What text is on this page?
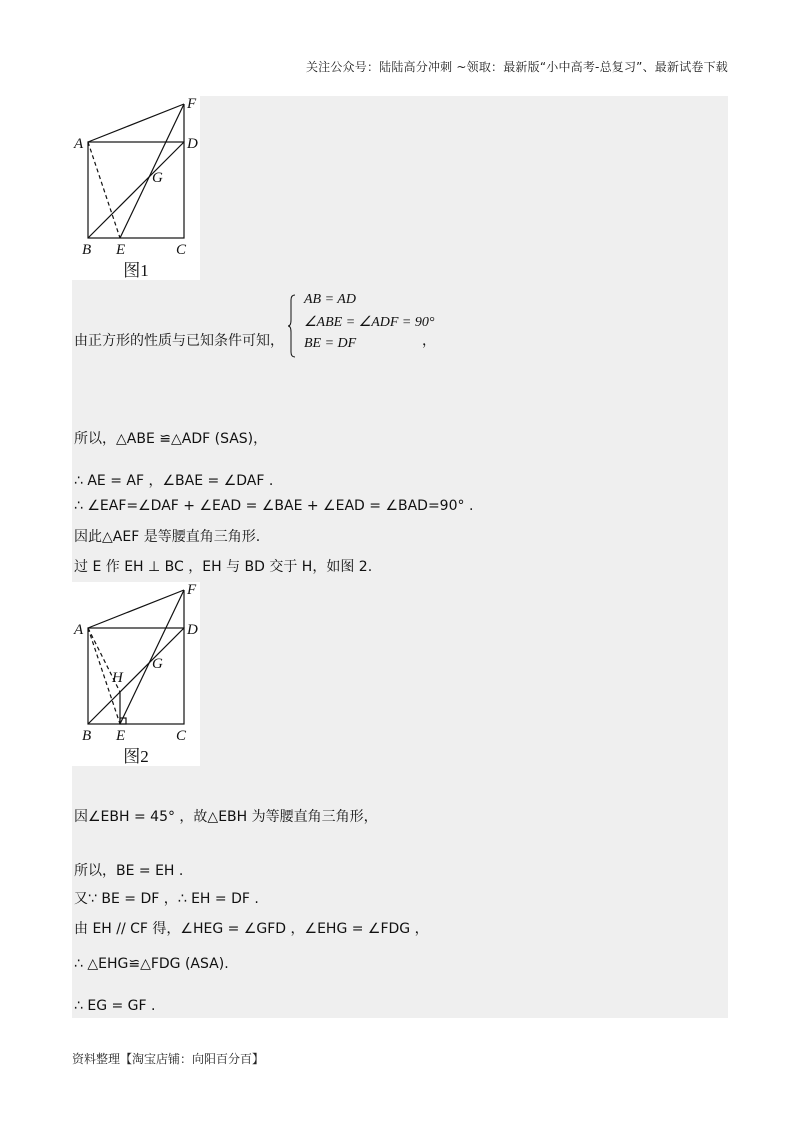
关注公众号：陆陆高分冲刺 ~领取：最新版“小中高考-总复习”、最新试卷下载
A
B	C
D
E
F
G
图1
由正方形的性质与已知条件可知，
AB = AD
∠ABE = ∠ADF = 90°
BE = DF	，
所以，△ABE ≌△ADF (SAS)，
∴ AE = AF ，∠BAE = ∠DAF .
∴ ∠EAF=∠DAF + ∠EAD = ∠BAE + ∠EAD = ∠BAD=90° .
因此△AEF 是等腰直角三角形.
过 E 作 EH ⊥ BC ，EH 与 BD 交于 H，如图 2.
A
B	C
D
E
F
G
H
图2
因∠EBH = 45° ，故△EBH 为等腰直角三角形，
所以，BE = EH .
又∵ BE = DF ，∴ EH = DF .
由 EH // CF 得，∠HEG = ∠GFD ，∠EHG = ∠FDG ，
∴ △EHG≌△FDG (ASA).
∴ EG = GF .
资料整理【淘宝店铺：向阳百分百】
